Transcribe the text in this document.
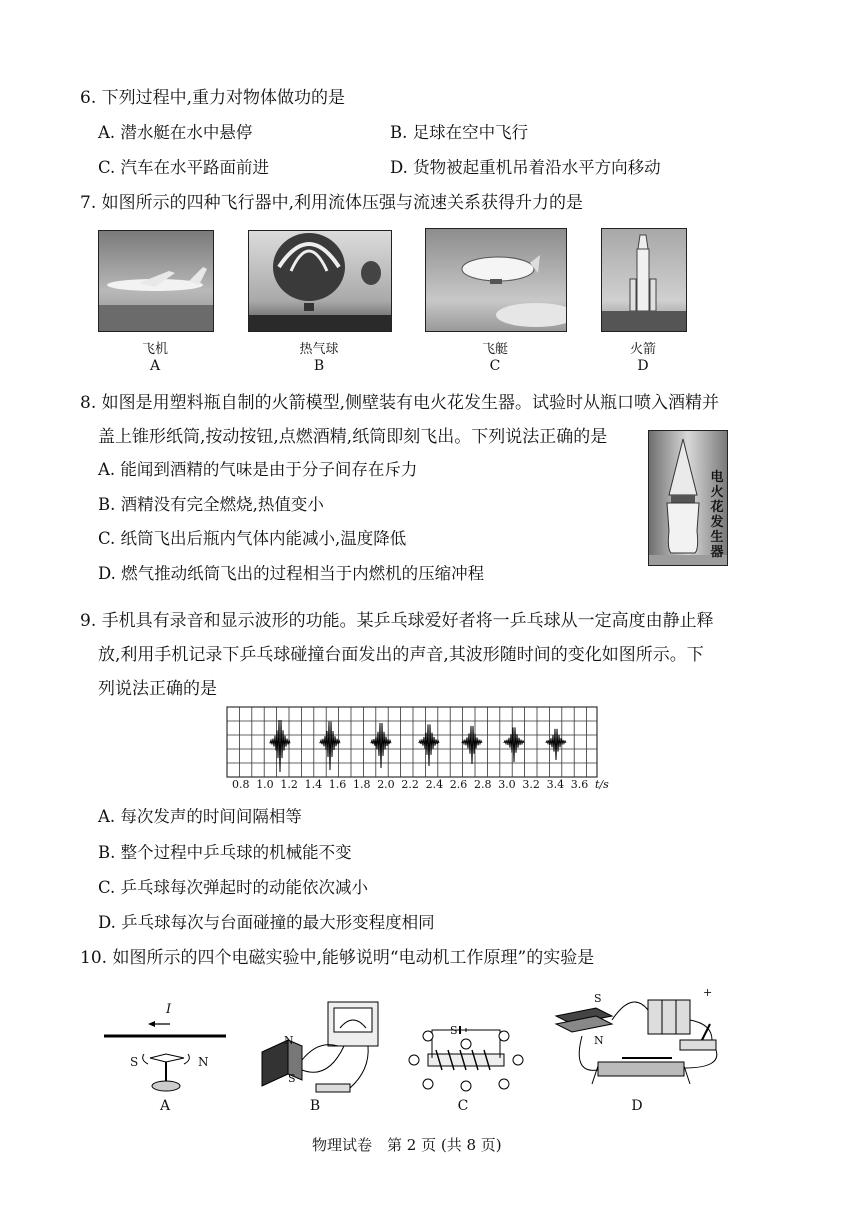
6. 下列过程中,重力对物体做功的是
A. 潜水艇在水中悬停	B. 足球在空中飞行
C. 汽车在水平路面前进	D. 货物被起重机吊着沿水平方向移动
7. 如图所示的四种飞行器中,利用流体压强与流速关系获得升力的是
飞机
A
热气球
B
飞艇
C
火箭
D
8. 如图是用塑料瓶自制的火箭模型,侧壁装有电火花发生器。试验时从瓶口喷入酒精并
盖上锥形纸筒,按动按钮,点燃酒精,纸筒即刻飞出。下列说法正确的是
A. 能闻到酒精的气味是由于分子间存在斥力
B. 酒精没有完全燃烧,热值变小
C. 纸筒飞出后瓶内气体内能减小,温度降低
D. 燃气推动纸筒飞出的过程相当于内燃机的压缩冲程
电火花发生器
9. 手机具有录音和显示波形的功能。某乒乓球爱好者将一乒乓球从一定高度由静止释
放,利用手机记录下乒乓球碰撞台面发出的声音,其波形随时间的变化如图所示。下
列说法正确的是
0.8 1.0 1.2 1.4 1.6 1.8 2.0 2.2 2.4 2.6 2.8 3.0 3.2 3.4 3.6 t/s
A. 每次发声的时间间隔相等
B. 整个过程中乒乓球的机械能不变
C. 乒乓球每次弹起时的动能依次减小
D. 乒乓球每次与台面碰撞的最大形变程度相同
10. 如图所示的四个电磁实验中,能够说明“电动机工作原理”的实验是
I
S	N
A
N
S
B
S
C
S
N
+
D
物理试卷　第 2 页 (共 8 页)
